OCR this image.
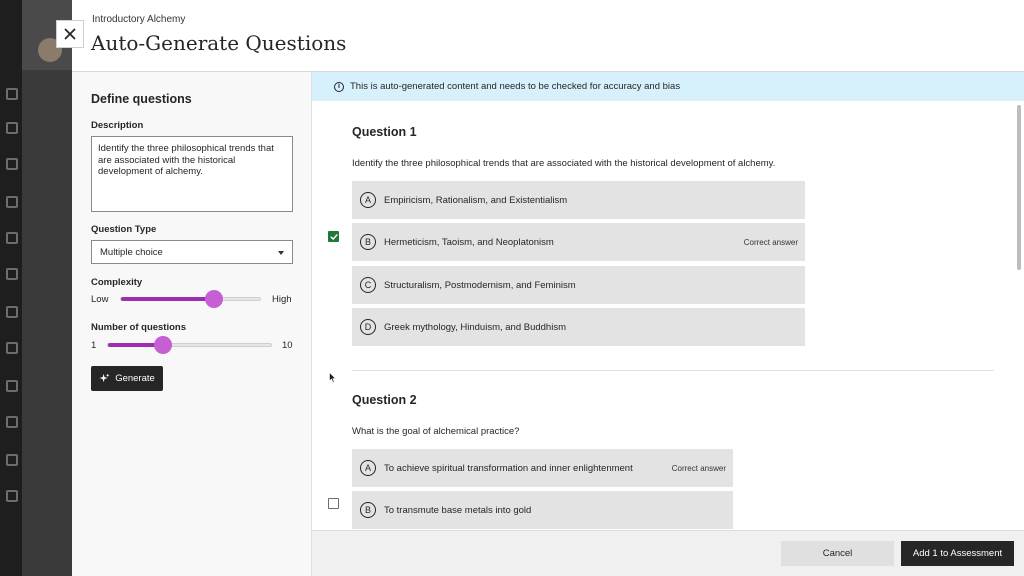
Introductory Alchemy
Auto-Generate Questions
Define questions
Description
Identify the three philosophical trends that are associated with the historical development of alchemy.
Question Type
Multiple choice
Complexity
Low	High
Number of questions
1	10
Generate
i	This is auto-generated content and needs to be checked for accuracy and bias
Question 1
Identify the three philosophical trends that are associated with the historical development of alchemy.
A	Empiricism, Rationalism, and Existentialism
B	Hermeticism, Taoism, and Neoplatonism	Correct answer
C	Structuralism, Postmodernism, and Feminism
D	Greek mythology, Hinduism, and Buddhism
Question 2
What is the goal of alchemical practice?
A	To achieve spiritual transformation and inner enlightenment	Correct answer
B	To transmute base metals into gold
Cancel	Add 1 to Assessment
